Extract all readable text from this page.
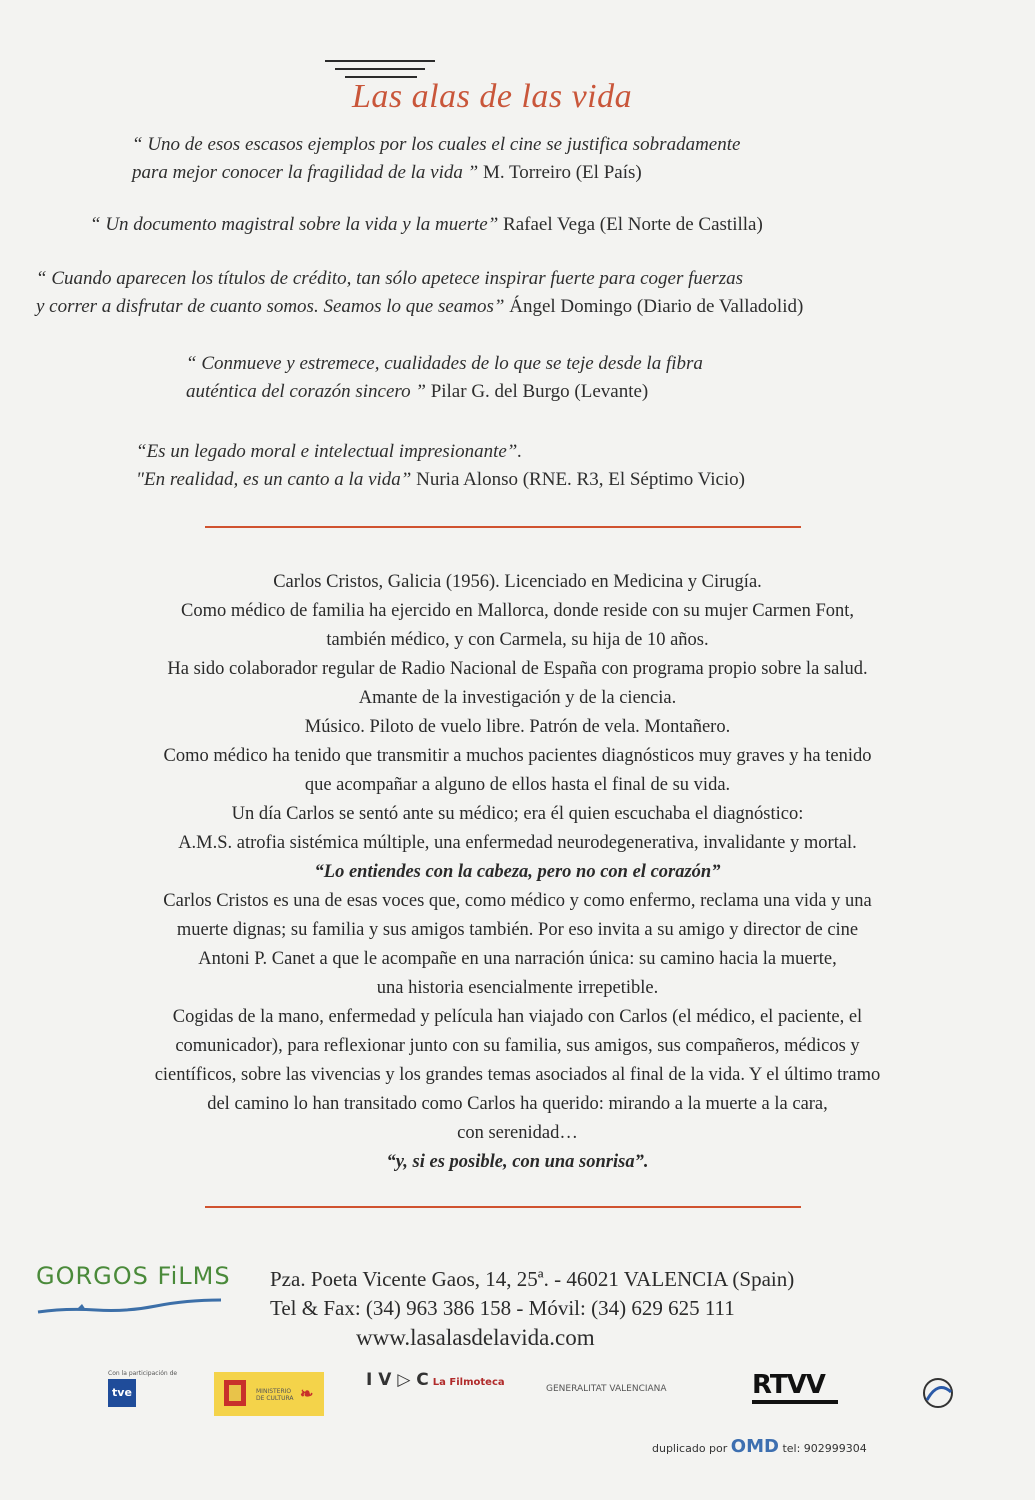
Las alas de las vida
“ Uno de esos escasos ejemplos por los cuales el cine se justifica sobradamente
para mejor conocer la fragilidad de la vida ” M. Torreiro (El País)
“ Un documento magistral sobre la vida y la muerte” Rafael Vega (El Norte de Castilla)
“ Cuando aparecen los títulos de crédito, tan sólo apetece inspirar fuerte para coger fuerzas
y correr a disfrutar de cuanto somos. Seamos lo que seamos” Ángel Domingo (Diario de Valladolid)
“ Conmueve y estremece, cualidades de lo que se teje desde la fibra
auténtica del corazón sincero ” Pilar G. del Burgo (Levante)
“Es un legado moral e intelectual impresionante”.
"En realidad, es un canto a la vida” Nuria Alonso (RNE. R3, El Séptimo Vicio)

Carlos Cristos, Galicia (1956). Licenciado en Medicina y Cirugía.

Como médico de familia ha ejercido en Mallorca, donde reside con su mujer Carmen Font,

también médico, y con Carmela, su hija de 10 años.

Ha sido colaborador regular de Radio Nacional de España con programa propio sobre la salud.

Amante de la investigación y de la ciencia.

Músico. Piloto de vuelo libre. Patrón de vela. Montañero.

Como médico ha tenido que transmitir a muchos pacientes diagnósticos muy graves y ha tenido

que acompañar a alguno de ellos hasta el final de su vida.

Un día Carlos se sentó ante su médico; era él quien escuchaba el diagnóstico:

A.M.S. atrofia sistémica múltiple, una enfermedad neurodegenerativa, invalidante y mortal.

“Lo entiendes con la cabeza, pero no con el corazón”

Carlos Cristos es una de esas voces que, como médico y como enfermo, reclama una vida y una

muerte dignas; su familia y sus amigos también. Por eso invita a su amigo y director de cine

Antoni P. Canet a que le acompañe en una narración única: su camino hacia la muerte,

una historia esencialmente irrepetible.

Cogidas de la mano, enfermedad y película han viajado con Carlos (el médico, el paciente, el

comunicador), para reflexionar junto con su familia, sus amigos, sus compañeros, médicos y

científicos, sobre las vivencias y los grandes temas asociados al final de la vida. Y el último tramo

del camino lo han transitado como Carlos ha querido: mirando a la muerte a la cara,

con serenidad…

“y, si es posible, con una sonrisa”.

GORGOS FiLMS Pza. Poeta Vicente Gaos, 14, 25ª. - 46021 VALENCIA (Spain)
Tel & Fax: (34) 963 386 158 - Móvil: (34) 629 625 111
www.lasalasdelavida.com
Con la participación de
tve	MINISTERIO DE CULTURA ❧
I V ▷ C La Filmoteca
GENERALITAT VALENCIANA	RTVV
duplicado por OMD tel: 902999304
